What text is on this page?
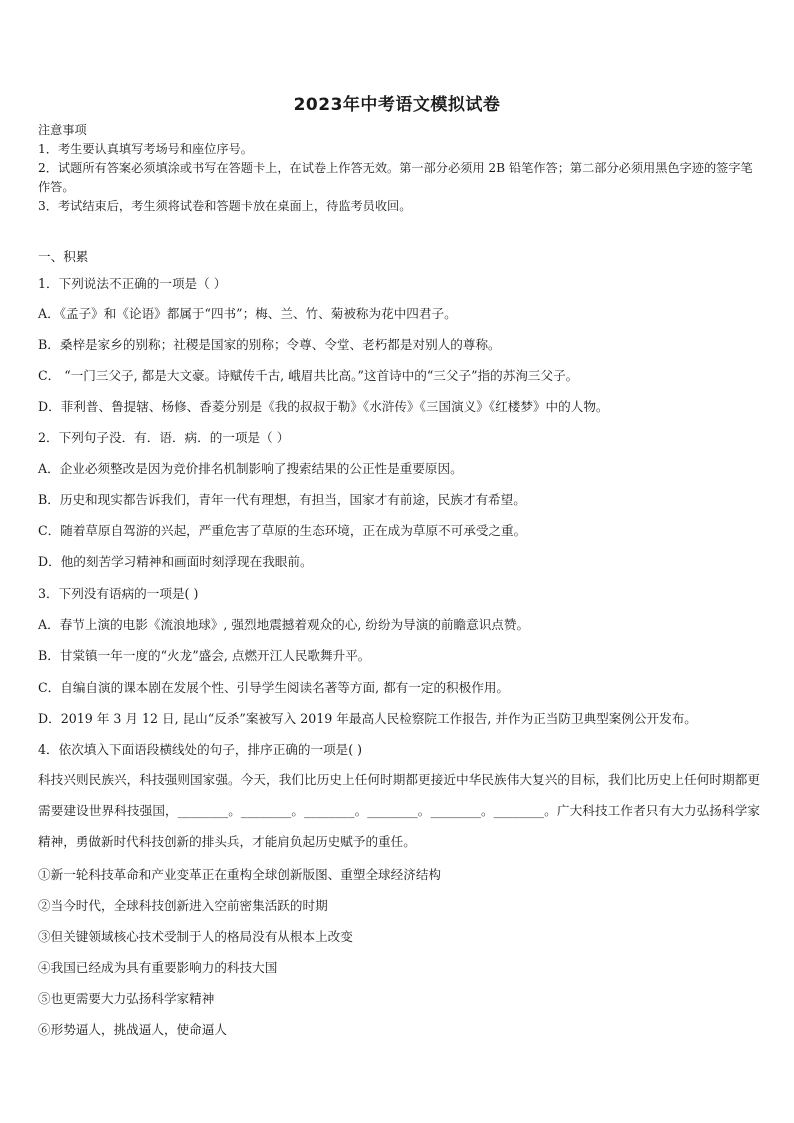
2023年中考语文模拟试卷
注意事项
1．考生要认真填写考场号和座位序号。
2．试题所有答案必须填涂或书写在答题卡上，在试卷上作答无效。第一部分必须用 2B 铅笔作答；第二部分必须用黑色字迹的签字笔作答。
3．考试结束后，考生须将试卷和答题卡放在桌面上，待监考员收回。
一、积累
1．下列说法不正确的一项是（ ）
A．《孟子》和《论语》都属于“四书”；梅、兰、竹、菊被称为花中四君子。
B．桑梓是家乡的别称；社稷是国家的别称；令尊、令堂、老朽都是对别人的尊称。
C． “一门三父子, 都是大文豪。诗赋传千古, 峨眉共比高。”这首诗中的“三父子”指的苏洵三父子。
D．菲利普、鲁提辖、杨修、香菱分别是《我的叔叔于勒》《水浒传》《三国演义》《红楼梦》中的人物。
2．下列句子没．有．语．病．的一项是（ ）
A．企业必须整改是因为竞价排名机制影响了搜索结果的公正性是重要原因。
B．历史和现实都告诉我们，青年一代有理想，有担当，国家才有前途，民族才有希望。
C．随着草原自驾游的兴起，严重危害了草原的生态环境，正在成为草原不可承受之重。
D．他的刻苦学习精神和画面时刻浮现在我眼前。
3．下列没有语病的一项是( )
A．春节上演的电影《流浪地球》, 强烈地震撼着观众的心, 纷纷为导演的前瞻意识点赞。
B．甘棠镇一年一度的“火龙”盛会, 点燃开江人民歌舞升平。
C．自编自演的课本剧在发展个性、引导学生阅读名著等方面, 都有一定的积极作用。
D．2019 年 3 月 12 日, 昆山“反杀”案被写入 2019 年最高人民检察院工作报告, 并作为正当防卫典型案例公开发布。
4．依次填入下面语段横线处的句子，排序正确的一项是( )
科技兴则民族兴，科技强则国家强。今天，我们比历史上任何时期都更接近中华民族伟大复兴的目标，我们比历史上任何时期都更需要建设世界科技强国，________。________。________。________。________。________。广大科技工作者只有大力弘扬科学家精神，勇做新时代科技创新的排头兵，才能肩负起历史赋予的重任。
①新一轮科技革命和产业变革正在重构全球创新版图、重塑全球经济结构
②当今时代，全球科技创新进入空前密集活跃的时期
③但关键领域核心技术受制于人的格局没有从根本上改变
④我国已经成为具有重要影响力的科技大国
⑤也更需要大力弘扬科学家精神
⑥形势逼人，挑战逼人，使命逼人
